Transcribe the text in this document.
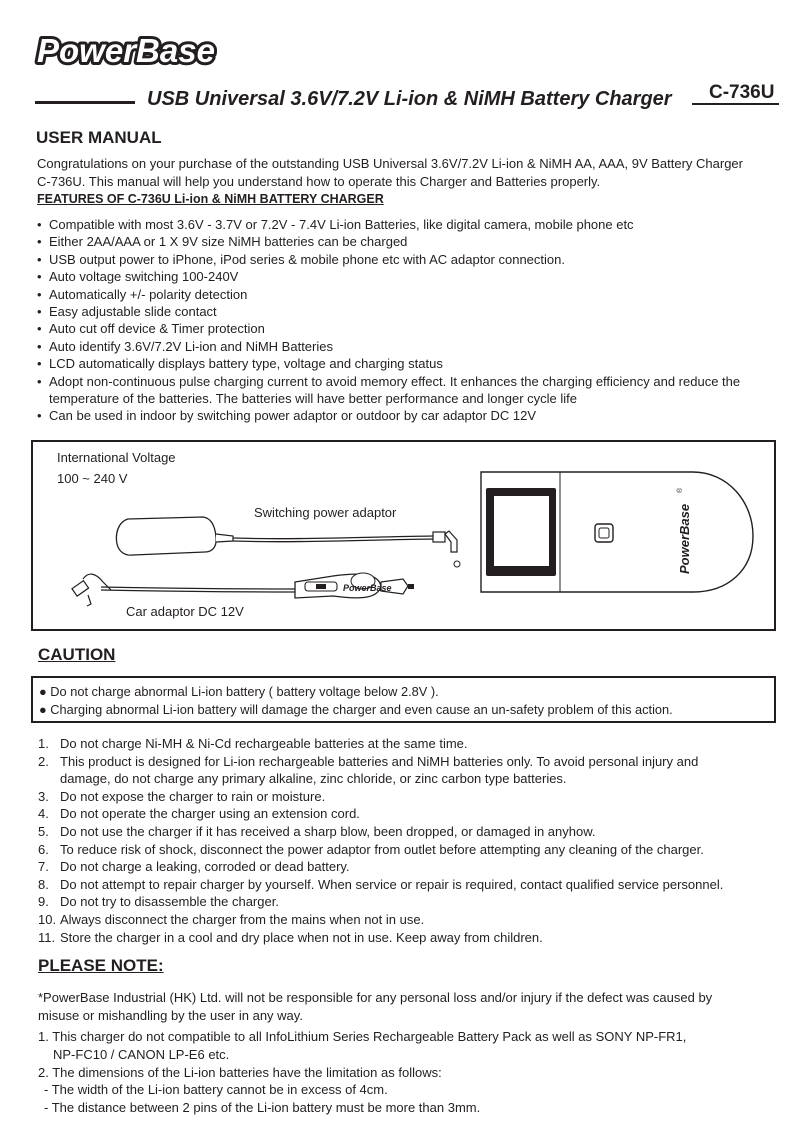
PowerBase
USB Universal 3.6V/7.2V Li-ion & NiMH Battery Charger C-736U
USER MANUAL
Congratulations on your purchase of the outstanding USB Universal 3.6V/7.2V Li-ion & NiMH AA, AAA, 9V Battery Charger
C-736U. This manual will help you understand how to operate this Charger and Batteries properly.
FEATURES OF C-736U Li-ion & NiMH BATTERY CHARGER
• Compatible with most 3.6V - 3.7V or 7.2V - 7.4V Li-ion Batteries, like digital camera, mobile phone etc
• Either 2AA/AAA or 1 X 9V size NiMH batteries can be charged
• USB output power to iPhone, iPod series & mobile phone etc with AC adaptor connection.
• Auto voltage switching 100-240V
• Automatically +/- polarity detection
• Easy adjustable slide contact
• Auto cut off device & Timer protection
• Auto identify 3.6V/7.2V Li-ion and NiMH Batteries
• LCD automatically displays battery type, voltage and charging status
• Adopt non-continuous pulse charging current to avoid memory effect. It enhances the charging efficiency and reduce the
temperature of the batteries. The batteries will have better performance and longer cycle life
• Can be used in indoor by switching power adaptor or outdoor by car adaptor DC 12V
International Voltage
100 ~ 240 V
Switching power adaptor
Car adaptor DC 12V
PowerBase
PowerBase
®
CAUTION
● Do not charge abnormal Li-ion battery ( battery voltage below 2.8V ).
● Charging abnormal Li-ion battery will damage the charger and even cause an un-safety problem of this action.
1. Do not charge Ni-MH & Ni-Cd rechargeable batteries at the same time.
2. This product is designed for Li-ion rechargeable batteries and NiMH batteries only. To avoid personal injury and
damage, do not charge any primary alkaline, zinc chloride, or zinc carbon type batteries.
3. Do not expose the charger to rain or moisture.
4. Do not operate the charger using an extension cord.
5. Do not use the charger if it has received a sharp blow, been dropped, or damaged in anyhow.
6. To reduce risk of shock, disconnect the power adaptor from outlet before attempting any cleaning of the charger.
7. Do not charge a leaking, corroded or dead battery.
8. Do not attempt to repair charger by yourself. When service or repair is required, contact qualified service personnel.
9. Do not try to disassemble the charger.
10. Always disconnect the charger from the mains when not in use.
11. Store the charger in a cool and dry place when not in use. Keep away from children.
PLEASE NOTE:
*PowerBase Industrial (HK) Ltd. will not be responsible for any personal loss and/or injury if the defect was caused by
misuse or mishandling by the user in any way.
1. This charger do not compatible to all InfoLithium Series Rechargeable Battery Pack as well as SONY NP-FR1,
NP-FC10 / CANON LP-E6 etc.
2. The dimensions of the Li-ion batteries have the limitation as follows:
- The width of the Li-ion battery cannot be in excess of 4cm.
- The distance between 2 pins of the Li-ion battery must be more than 3mm.
